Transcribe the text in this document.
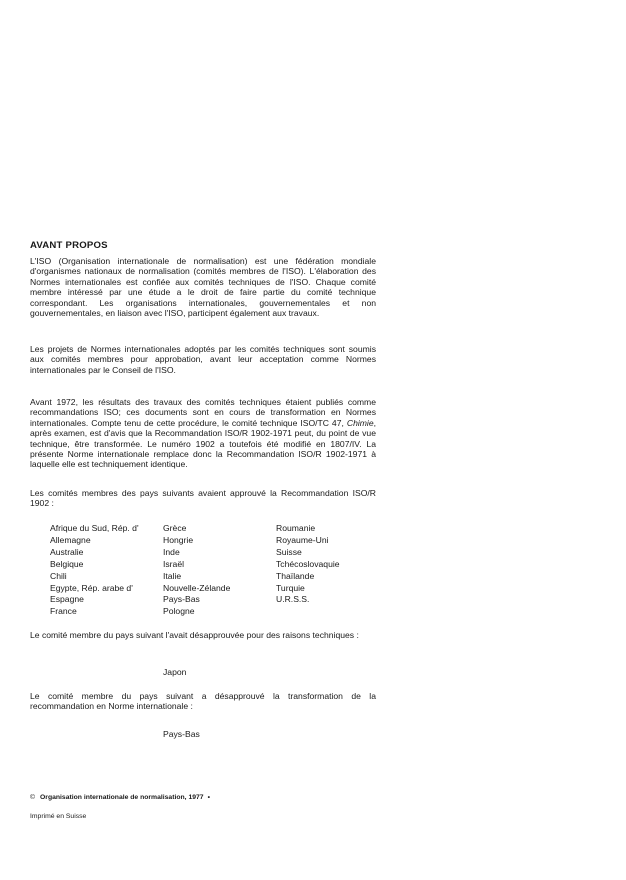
AVANT PROPOS

L'ISO (Organisation internationale de normalisation) est une fédération mondiale d'organismes nationaux de normalisation (comités membres de l'ISO). L'élaboration des Normes internationales est confiée aux comités techniques de l'ISO. Chaque comité membre intéressé par une étude a le droit de faire partie du comité technique correspondant. Les organisations internationales, gouvernementales et non gouvernementales, en liaison avec l'ISO, participent également aux travaux.

Les projets de Normes internationales adoptés par les comités techniques sont soumis aux comités membres pour approbation, avant leur acceptation comme Normes internationales par le Conseil de l'ISO.

Avant 1972, les résultats des travaux des comités techniques étaient publiés comme recommandations ISO; ces documents sont en cours de transformation en Normes internationales. Compte tenu de cette procédure, le comité technique ISO/TC 47, Chimie, après examen, est d'avis que la Recommandation ISO/R 1902-1971 peut, du point de vue technique, être transformée. Le numéro 1902 a toutefois été modifié en 1807/IV. La présente Norme internationale remplace donc la Recommandation ISO/R 1902-1971 à laquelle elle est techniquement identique.

Les comités membres des pays suivants avaient approuvé la Recommandation ISO/R 1902 :

Afrique du Sud, Rép. d'
Allemagne
Australie
Belgique
Chili
Egypte, Rép. arabe d'
Espagne
France
Grèce
Hongrie
Inde
Israël
Italie
Nouvelle-Zélande
Pays-Bas
Pologne
Roumanie
Royaume-Uni
Suisse
Tchécoslovaquie
Thaïlande
Turquie
U.R.S.S.

Le comité membre du pays suivant l'avait désapprouvée pour des raisons techniques :

Japon

Le comité membre du pays suivant a désapprouvé la transformation de la recommandation en Norme internationale :

Pays-Bas
© Organisation internationale de normalisation, 1977 •
Imprimé en Suisse
